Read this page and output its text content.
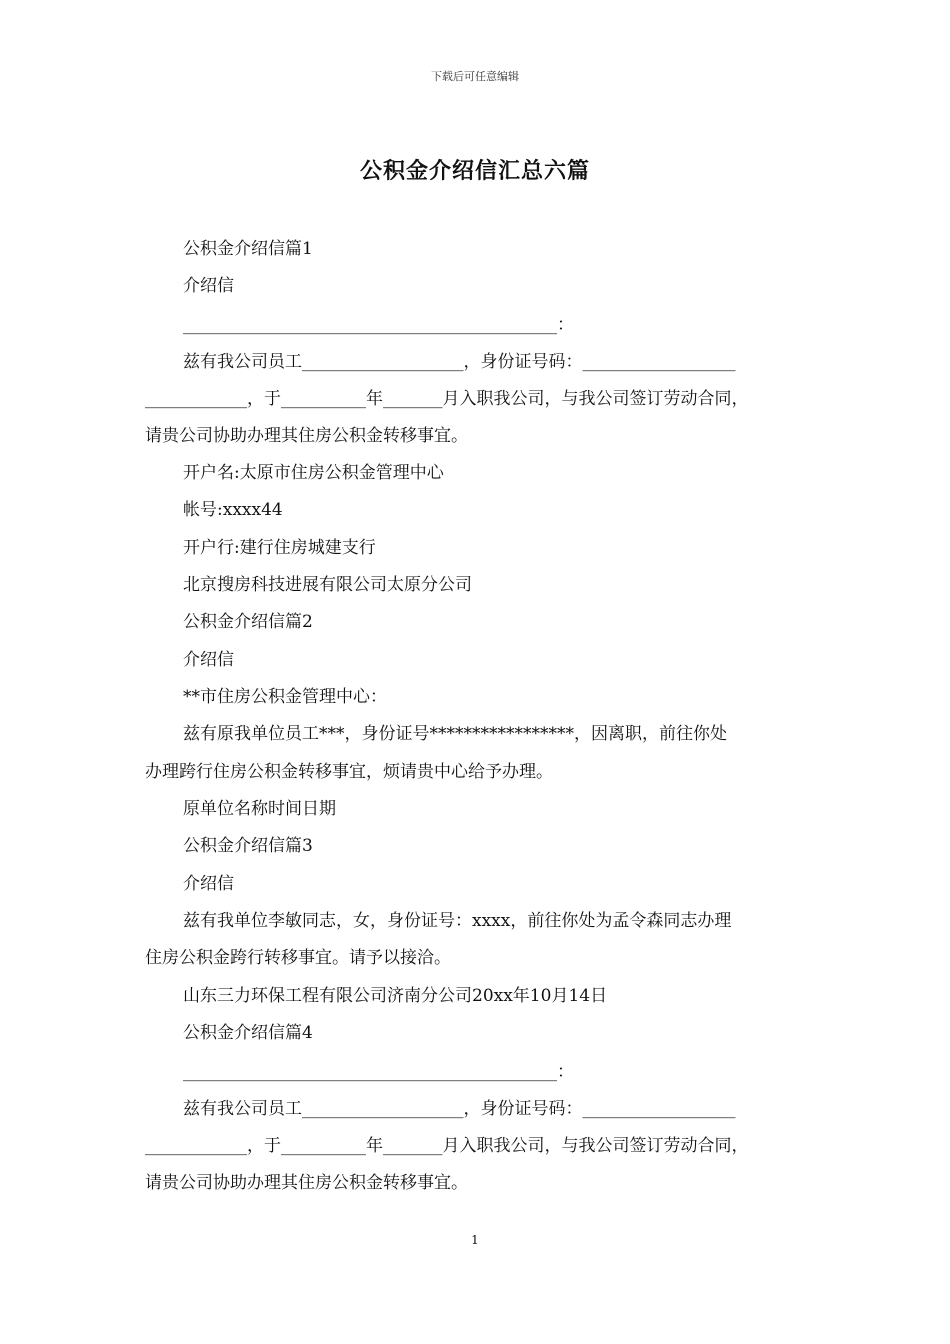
下载后可任意编辑
公积金介绍信汇总六篇
公积金介绍信篇1
介绍信
____________________________________________：
兹有我公司员工___________________，身份证号码：__________________
____________，于__________年_______月入职我公司，与我公司签订劳动合同，
请贵公司协助办理其住房公积金转移事宜。
开户名:太原市住房公积金管理中心
帐号:xxxx44
开户行:建行住房城建支行
北京搜房科技进展有限公司太原分公司
公积金介绍信篇2
介绍信
**市住房公积金管理中心：
兹有原我单位员工***，身份证号*****************，因离职，前往你处
办理跨行住房公积金转移事宜，烦请贵中心给予办理。
原单位名称时间日期
公积金介绍信篇3
介绍信
兹有我单位李敏同志，女，身份证号：xxxx，前往你处为孟令森同志办理
住房公积金跨行转移事宜。请予以接洽。
山东三力环保工程有限公司济南分公司20xx年10月14日
公积金介绍信篇4
____________________________________________：
兹有我公司员工___________________，身份证号码：__________________
____________，于__________年_______月入职我公司，与我公司签订劳动合同，
请贵公司协助办理其住房公积金转移事宜。
1
